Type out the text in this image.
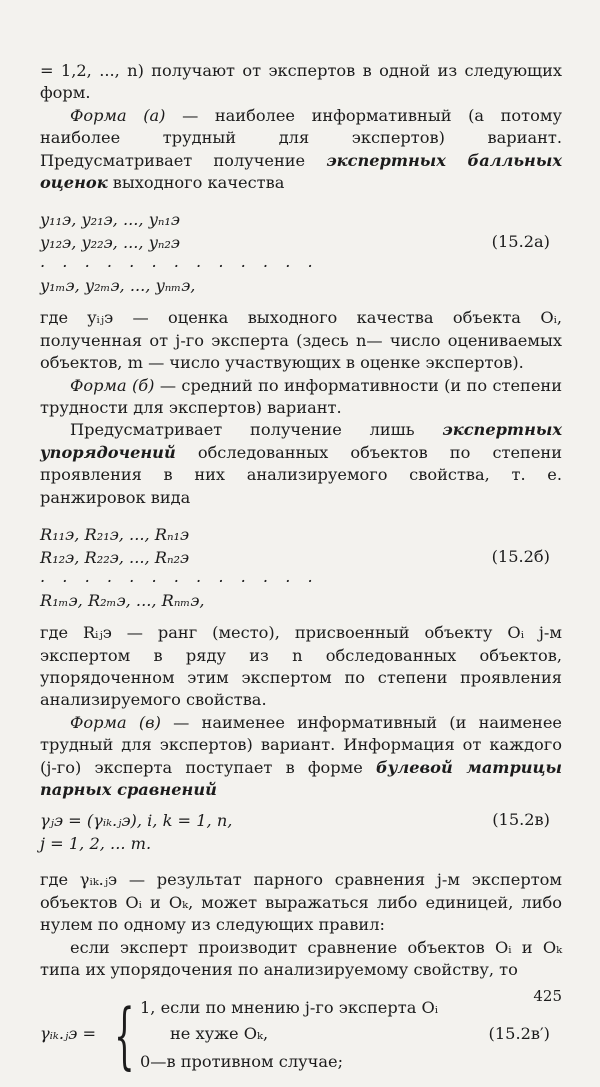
= 1,2, ..., n) получают от экспертов в одной из следующих форм.

Форма (а) — наиболее информативный (а потому наиболее трудный для экспертов) вариант. Предусматривает получение экспертных балльных оценок выходного качества

y₁₁э, y₂₁э, ..., yₙ₁э
y₁₂э, y₂₂э, ..., yₙ₂э
. . . . . . . . . . . . .
y₁ₘэ, y₂ₘэ, ..., yₙₘэ,
(15.2а)

где yᵢⱼэ — оценка выходного качества объекта Oᵢ, полученная от j-го эксперта (здесь n— число оцениваемых объектов, m — число участвующих в оценке экспертов).

Форма (б) — средний по информативности (и по степени трудности для экспертов) вариант.

Предусматривает получение лишь экспертных упорядочений обследованных объектов по степени проявления в них анализируемого свойства, т. е. ранжировок вида

R₁₁э, R₂₁э, ..., Rₙ₁э
R₁₂э, R₂₂э, ..., Rₙ₂э
. . . . . . . . . . . . .
R₁ₘэ, R₂ₘэ, ..., Rₙₘэ,
(15.2б)

где Rᵢⱼэ — ранг (место), присвоенный объекту Oᵢ j-м экспертом в ряду из n обследованных объектов, упорядоченном этим экспертом по степени проявления анализируемого свойства.

Форма (в) — наименее информативный (и наименее трудный для экспертов) вариант. Информация от каждого (j-го) эксперта поступает в форме булевой матрицы парных сравнений

γⱼэ = (γᵢₖ.ⱼэ), i, k = 1, n,
j = 1, 2, ... m.
(15.2в)

где γᵢₖ.ⱼэ — результат парного сравнения j-м экспертом объектов Oᵢ и Oₖ, может выражаться либо единицей, либо нулем по одному из следующих правил:

если эксперт производит сравнение объектов Oᵢ и Oₖ типа их упорядочения по анализируемому свойству, то

γᵢₖ.ⱼэ = { 1, если по мнению j-го эксперта Oᵢ
не хуже Oₖ,
0—в противном случае;
(15.2в′)
425
